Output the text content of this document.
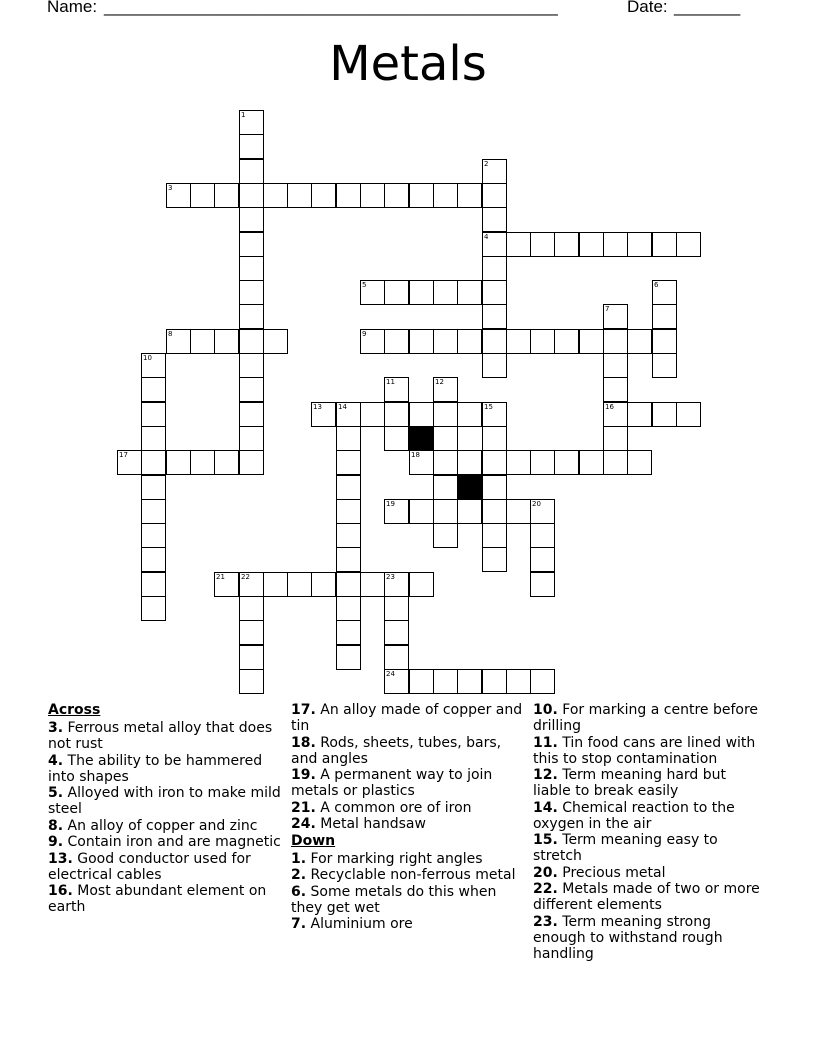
Name: ________________________________________________	Date: _______
Metals
1
2
4
3
5	6
7
16
8	9
10
11	12
13 14	15
17	18
19	20
21 22	23
24
Across
3. Ferrous metal alloy that does not rust
4. The ability to be hammered into shapes
5. Alloyed with iron to make mild steel
8. An alloy of copper and zinc
9. Contain iron and are magnetic
13. Good conductor used for electrical cables
16. Most abundant element on earth
17. An alloy made of copper and tin
18. Rods, sheets, tubes, bars, and angles
19. A permanent way to join metals or plastics
21. A common ore of iron
24. Metal handsaw
Down
1. For marking right angles
2. Recyclable non-ferrous metal
6. Some metals do this when they get wet
7. Aluminium ore
10. For marking a centre before drilling
11. Tin food cans are lined with this to stop contamination
12. Term meaning hard but liable to break easily
14. Chemical reaction to the oxygen in the air
15. Term meaning easy to stretch
20. Precious metal
22. Metals made of two or more different elements
23. Term meaning strong enough to withstand rough handling
